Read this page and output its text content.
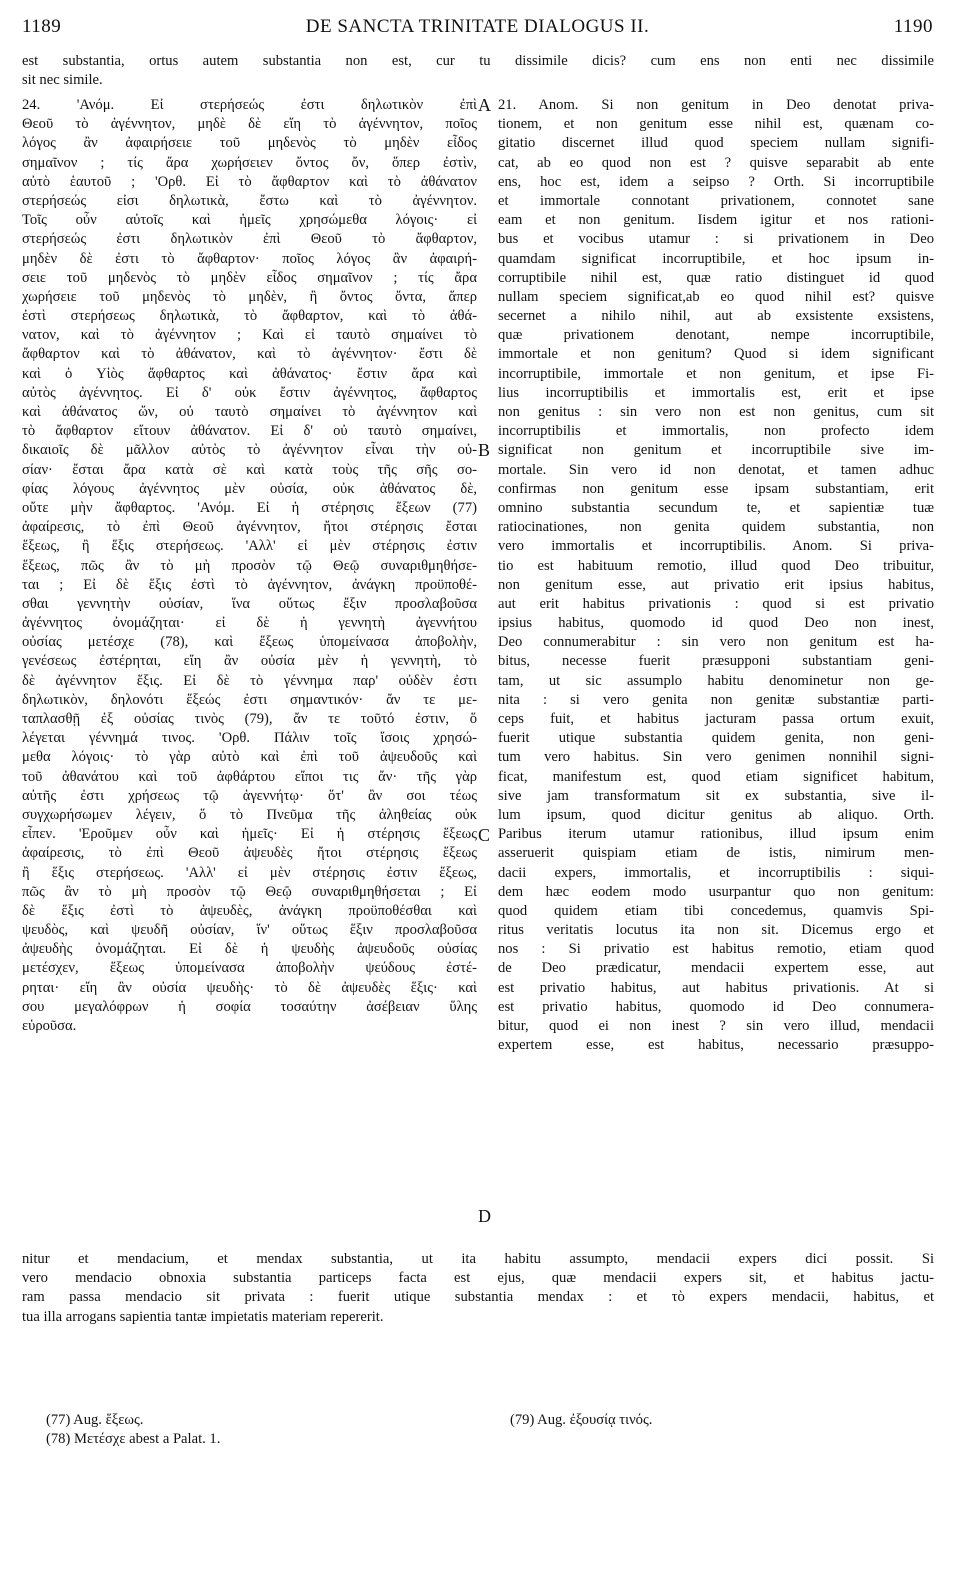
1189	DE SANCTA TRINITATE DIALOGUS II.	1190
est substantia, ortus autem substantia non est, cur tu dissimile dicis? cum ens non enti nec dissimile
sit nec simile.
24. 'Ανόμ. Εἰ στερήσεώς ἐστι δηλωτικὸν ἐπὶ
Θεοῦ τὸ ἀγέννητον, μηδὲ δὲ εἴη τὸ ἀγέννητον, ποῖος
λόγος ἂν ἀφαιρήσειε τοῦ μηδενὸς τὸ μηδὲν εἶδος
σημαῖνον ; τίς ἄρα χωρήσειεν ὄντος ὄν, ὅπερ ἐστὶν,
αὐτὸ ἑαυτοῦ ; 'Ορθ. Εἰ τὸ ἄφθαρτον καὶ τὸ ἀθάνατον
στερήσεώς εἰσι δηλωτικὰ, ἔστω καὶ τὸ ἀγέννητον.
Τοῖς οὖν αὐτοῖς καὶ ἡμεῖς χρησώμεθα λόγοις· εἰ
στερήσεώς ἐστι δηλωτικὸν ἐπὶ Θεοῦ τὸ ἄφθαρτον,
μηδὲν δὲ ἐστι τὸ ἄφθαρτον· ποῖος λόγος ἂν ἀφαιρή-
σειε τοῦ μηδενὸς τὸ μηδὲν εἶδος σημαῖνον ; τίς ἄρα
χωρήσειε τοῦ μηδενὸς τὸ μηδὲν, ἢ ὄντος ὄντα, ἅπερ
ἐστὶ στερήσεως δηλωτικὰ, τὸ ἄφθαρτον, καὶ τὸ ἀθά-
νατον, καὶ τὸ ἀγέννητον ; Καὶ εἰ ταυτὸ σημαίνει τὸ
ἄφθαρτον καὶ τὸ ἀθάνατον, καὶ τὸ ἀγέννητον· ἔστι δὲ
καὶ ὁ Υἱὸς ἄφθαρτος καὶ ἀθάνατος· ἔστιν ἄρα καὶ
αὐτὸς ἀγέννητος. Εἰ δ' οὐκ ἔστιν ἀγέννητος, ἄφθαρτος
καὶ ἀθάνατος ὤν, οὐ ταυτὸ σημαίνει τὸ ἀγέννητον καὶ
τὸ ἄφθαρτον εἴτουν ἀθάνατον. Εἰ δ' οὐ ταυτὸ σημαίνει,
δικαιοῖς δὲ μᾶλλον αὐτὸς τὸ ἀγέννητον εἶναι τὴν οὐ-
σίαν· ἔσται ἄρα κατὰ σὲ καὶ κατὰ τοὺς τῆς σῆς σο-
φίας λόγους ἀγέννητος μὲν οὐσία, οὐκ ἀθάνατος δὲ,
οὔτε μὴν ἄφθαρτος. 'Ανόμ. Εἰ ἡ στέρησις ἕξεων (77)
ἀφαίρεσις, τὸ ἐπὶ Θεοῦ ἀγέννητον, ἤτοι στέρησις ἔσται
ἕξεως, ἢ ἕξις στερήσεως. 'Αλλ' εἰ μὲν στέρησις ἐστιν
ἕξεως, πῶς ἂν τὸ μὴ προσὸν τῷ Θεῷ συναριθμηθήσε-
ται ; Εἰ δὲ ἕξις ἐστὶ τὸ ἀγέννητον, ἀνάγκη προϋποθέ-
σθαι γεννητὴν οὐσίαν, ἵνα οὕτως ἔξιν προσλαβοῦσα
ἀγέννητος ὀνομάζηται· εἰ δὲ ἡ γεννητὴ ἀγεννήτου
οὐσίας μετέσχε (78), καὶ ἕξεως ὑπομείνασα ἀποβολὴν,
γενέσεως ἐστέρηται, εἴη ἂν οὐσία μὲν ἡ γεννητὴ, τὸ
δὲ ἀγέννητον ἕξις. Εἰ δὲ τὸ γέννημα παρ' οὐδὲν ἐστι
δηλωτικὸν, δηλονότι ἕξεώς ἐστι σημαντικόν· ἄν τε με-
ταπλασθῇ ἐξ οὐσίας τινὸς (79), ἄν τε τοῦτό ἐστιν, ὅ
λέγεται γέννημά τινος. 'Ορθ. Πάλιν τοῖς ἴσοις χρησώ-
μεθα λόγοις· τὸ γὰρ αὐτὸ καὶ ἐπὶ τοῦ ἀψευδοῦς καὶ
τοῦ ἀθανάτου καὶ τοῦ ἀφθάρτου εἴποι τις ἄν· τῆς γὰρ
αὐτῆς ἐστι χρήσεως τῷ ἀγεννήτῳ· ὅτ' ἂν σοι τέως
συγχωρήσωμεν λέγειν, ὅ τὸ Πνεῦμα τῆς ἀληθείας οὐκ
εἶπεν. 'Ερoῦμεν οὖν καὶ ἡμεῖς· Εἰ ἡ στέρησις ἕξεως
ἀφαίρεσις, τὸ ἐπὶ Θεοῦ ἀψευδὲς ἤτοι στέρησις ἕξεως
ἢ ἕξις στερήσεως. 'Αλλ' εἰ μὲν στέρησις ἐστιν ἕξεως,
πῶς ἂν τὸ μὴ προσὸν τῷ Θεῷ συναριθμηθήσεται ; Εἰ
δὲ ἕξις ἐστὶ τὸ ἀψευδὲς, ἀνάγκη προϋποθέσθαι καὶ
ψευδὸς, καὶ ψευδῆ οὐσίαν, ἵν' οὕτως ἕξιν προσλαβοῦσα
ἀψευδὴς ὀνομάζηται. Εἰ δὲ ἡ ψευδὴς ἀψευδοῦς οὐσίας
μετέσχεν, ἕξεως ὑπομείνασα ἀποβολὴν ψεύδους ἐστέ-
ρηται· εἴη ἂν οὐσία ψευδὴς· τὸ δὲ ἀψευδὲς ἕξις· καὶ
σου μεγαλόφρων ἡ σοφία τοσαύτην ἀσέβειαν ὕλης
εὑροῦσα.
21. Anom. Si non genitum in Deo denotat priva-
tionem, et non genitum esse nihil est, quænam co-
gitatio discernet illud quod speciem nullam signifi-
cat, ab eo quod non est ? quisve separabit ab ente
ens, hoc est, idem a seipso ? Orth. Si incorruptibile
et immortale connotant privationem, connotet sane
eam et non genitum. Iisdem igitur et nos rationi-
bus et vocibus utamur : si privationem in Deo
quamdam significat incorruptibile, et hoc ipsum in-
corruptibile nihil est, quæ ratio distinguet id quod
nullam speciem significat,ab eo quod nihil est? quisve
secernet a nihilo nihil, aut ab exsistente exsistens,
quæ privationem denotant, nempe incorruptibile,
immortale et non genitum? Quod si idem significant
incorruptibile, immortale et non genitum, et ipse Fi-
lius incorruptibilis et immortalis est, erit et ipse
non genitus : sin vero non est non genitus, cum sit
incorruptibilis et immortalis, non profecto idem
significat non genitum et incorruptibile sive im-
mortale. Sin vero id non denotat, et tamen adhuc
confirmas non genitum esse ipsam substantiam, erit
omnino substantia secundum te, et sapientiæ tuæ
ratiocinationes, non genita quidem substantia, non
vero immortalis et incorruptibilis. Anom. Si priva-
tio est habituum remotio, illud quod Deo tribuitur,
non genitum esse, aut privatio erit ipsius habitus,
aut erit habitus privationis : quod si est privatio
ipsius habitus, quomodo id quod Deo non inest,
Deo connumerabitur : sin vero non genitum est ha-
bitus, necesse fuerit præsupponi substantiam geni-
tam, ut sic assumplo habitu denominetur non ge-
nita : si vero genita non genitæ substantiæ parti-
ceps fuit, et habitus jacturam passa ortum exuit,
fuerit utique substantia quidem genita, non geni-
tum vero habitus. Sin vero genimen nonnihil signi-
ficat, manifestum est, quod etiam significet habitum,
sive jam transformatum sit ex substantia, sive il-
lum ipsum, quod dicitur genitus ab aliquo. Orth.
Paribus iterum utamur rationibus, illud ipsum enim
asseruerit quispiam etiam de istis, nimirum men-
dacii expers, immortalis, et incorruptibilis : siqui-
dem hæc eodem modo usurpantur quo non genitum:
quod quidem etiam tibi concedemus, quamvis Spi-
ritus veritatis locutus ita non sit. Dicemus ergo et
nos : Si privatio est habitus remotio, etiam quod
de Deo prædicatur, mendacii expertem esse, aut
est privatio habitus, aut habitus privationis. At si
est privatio habitus, quomodo id Deo connumera-
bitur, quod ei non inest ? sin vero illud, mendacii
expertem esse, est habitus, necessario præsuppo-
A
B
C
D
nitur et mendacium, et mendax substantia, ut ita habitu assumpto, mendacii expers dici possit. Si
vero mendacio obnoxia substantia particeps facta est ejus, quæ mendacii expers sit, et habitus jactu-
ram passa mendacio sit privata : fuerit utique substantia mendax : et τὸ expers mendacii, habitus, et
tua illa arrogans sapientia tantæ impietatis materiam repererit.
(77) Aug. ἕξεως.
(78) Μετέσχε abest a Palat. 1.
(79) Aug. ἐξουσίᾳ τινός.
